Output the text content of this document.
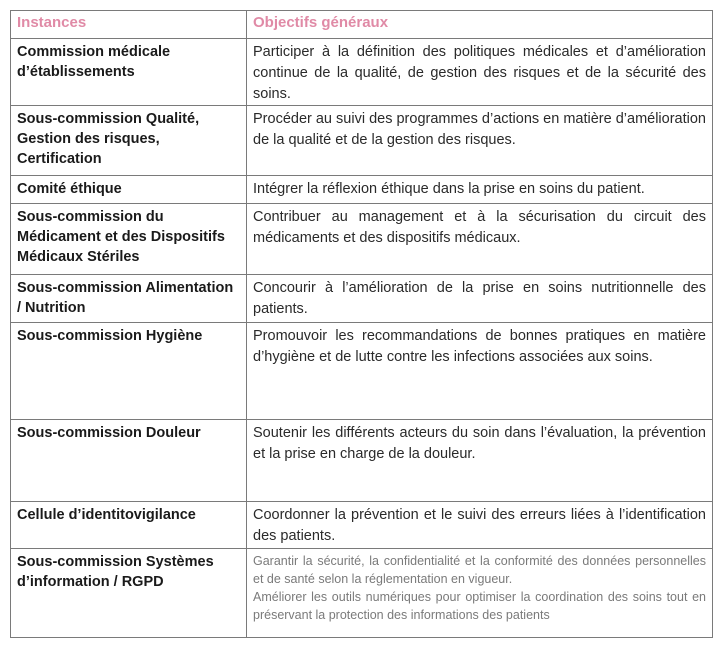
Instances	Objectifs généraux
Commission médicale d’établissements	Participer à la définition des politiques médicales et d’amélioration continue de la qualité, de gestion des risques et de la sécurité des soins.
Sous-commission Qualité, Gestion des risques, Certification	Procéder au suivi des programmes d’actions en matière d’amélioration de la qualité et de la gestion des risques.
Comité éthique	Intégrer la réflexion éthique dans la prise en soins du patient.
Sous-commission du Médicament et des Dispositifs Médicaux Stériles	Contribuer au management et à la sécurisation du circuit des médicaments et des dispositifs médicaux.
Sous-commission Alimentation / Nutrition	Concourir à l’amélioration de la prise en soins nutritionnelle des patients.
Sous-commission Hygiène	Promouvoir les recommandations de bonnes pratiques en matière d’hygiène et de lutte contre les infections associées aux soins.
Sous-commission Douleur	Soutenir les différents acteurs du soin dans l’évaluation, la prévention et la prise en charge de la douleur.
Cellule d’identitovigilance	Coordonner la prévention et le suivi des erreurs liées à l’identification des patients.
Sous-commission Systèmes d’information / RGPD	Garantir la sécurité, la confidentialité et la conformité des données personnelles et de santé selon la réglementation en vigueur.
Améliorer les outils numériques pour optimiser la coordination des soins tout en préservant la protection des informations des patients
